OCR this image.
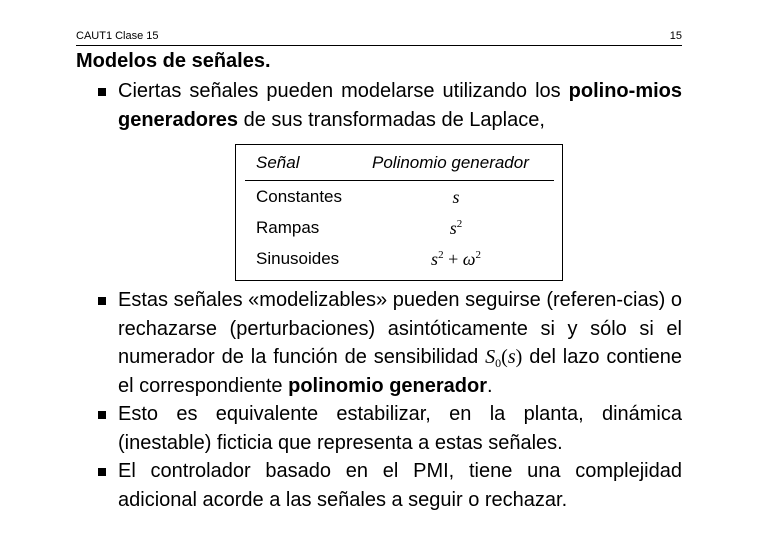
CAUT1 Clase 15	15
Modelos de señales.
Ciertas señales pueden modelarse utilizando los polino-mios generadores de sus transformadas de Laplace,
Señal	Polinomio generador
Constantes	s
Rampas	$s^2$
Sinusoides	$s^2 + \omega^2$
Estas señales «modelizables» pueden seguirse (referen-cias) o rechazarse (perturbaciones) asintóticamente si y sólo si el numerador de la función de sensibilidad $S_0(s)$ del lazo contiene el correspondiente polinomio generador.
Esto es equivalente estabilizar, en la planta, dinámica (inestable) ficticia que representa a estas señales.
El controlador basado en el PMI, tiene una complejidad adicional acorde a las señales a seguir o rechazar.
